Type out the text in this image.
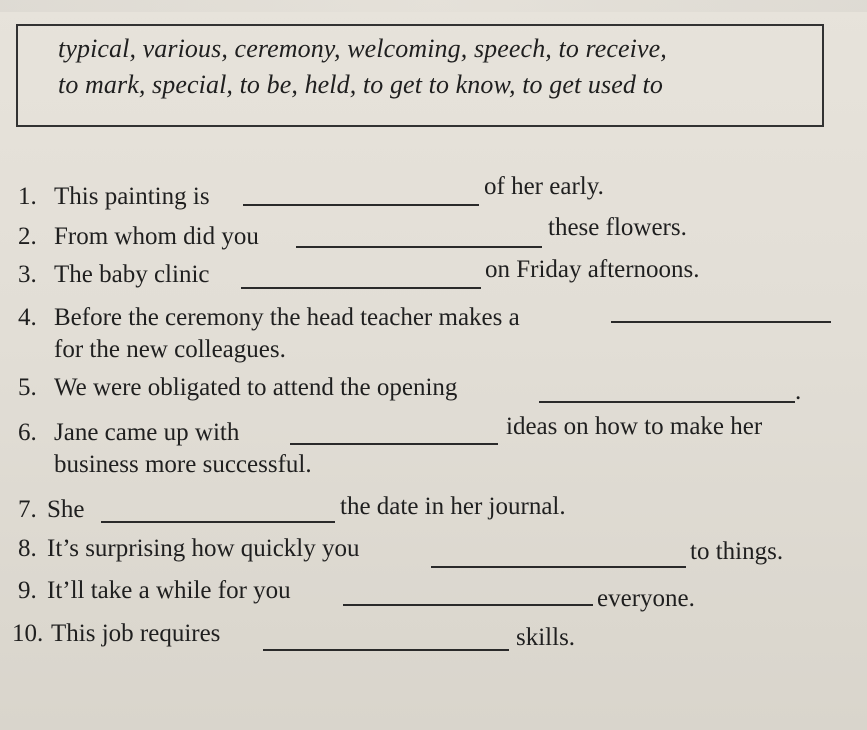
typical, various, ceremony, welcoming, speech, to receive,
to mark, special, to be, held, to get to know, to get used to
1. This painting is	of her early.
2. From whom did you	these flowers.
3. The baby clinic	on Friday afternoons.
4. Before the ceremony the head teacher makes a
for the new colleagues.
5. We were obligated to attend the opening	.
6. Jane came up with	ideas on how to make her
business more successful.
7. She	the date in her journal.
8. It’s surprising how quickly you	to things.
9. It’ll take a while for you	everyone.
10. This job requires	skills.
